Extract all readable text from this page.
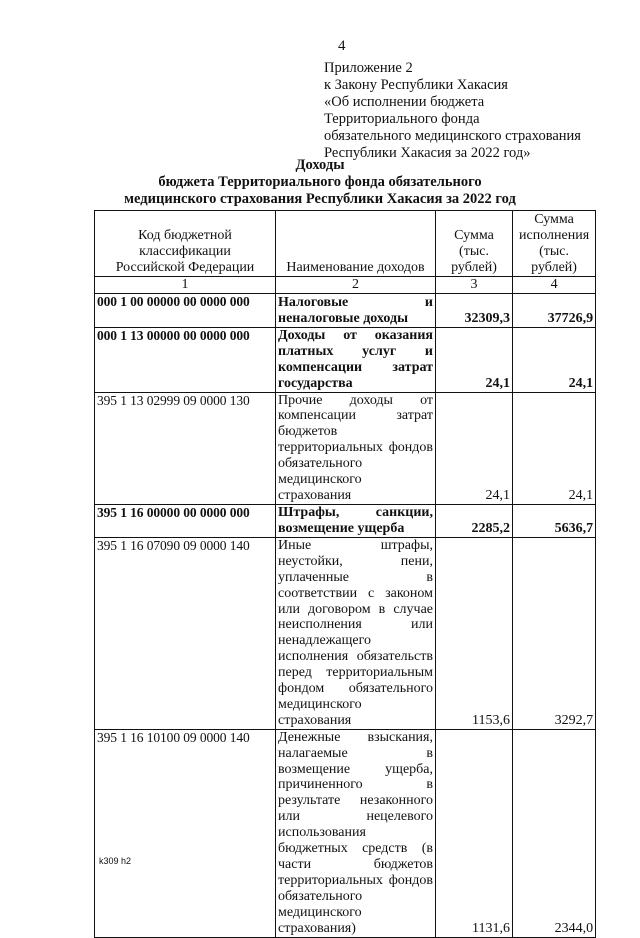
4
Приложение 2
к Закону Республики Хакасия
«Об исполнении бюджета
Территориального фонда
обязательного медицинского страхования
Республики Хакасия за 2022 год»
Доходы
бюджета Территориального фонда обязательного
медицинского страхования Республики Хакасия за 2022 год
Код бюджетной классификации Российской Федерации	Наименование доходов	Сумма (тыс. рублей)	Сумма исполнения (тыс. рублей)
1	2	3	4
000 1 00 00000 00 0000 000	Налоговые и неналоговые доходы	32309,3	37726,9
000 1 13 00000 00 0000 000	Доходы от оказания платных услуг и компенсации затрат государства	24,1	24,1
395 1 13 02999 09 0000 130	Прочие доходы от компенсации затрат бюджетов территориальных фондов обязательного медицинского страхования	24,1	24,1
395 1 16 00000 00 0000 000	Штрафы, санкции, возмещение ущерба	2285,2	5636,7
395 1 16 07090 09 0000 140	Иные штрафы, неустойки, пени, уплаченные в соответствии с законом или договором в случае неисполнения или ненадлежащего исполнения обязательств перед территориальным фондом обязательного медицинского страхования	1153,6	3292,7
395 1 16 10100 09 0000 140	Денежные взыскания, налагаемые в возмещение ущерба, причиненного в результате незаконного или нецелевого использования бюджетных средств (в части бюджетов территориальных фондов обязательного медицинского страхования)	1131,6	2344,0
k309 h2
